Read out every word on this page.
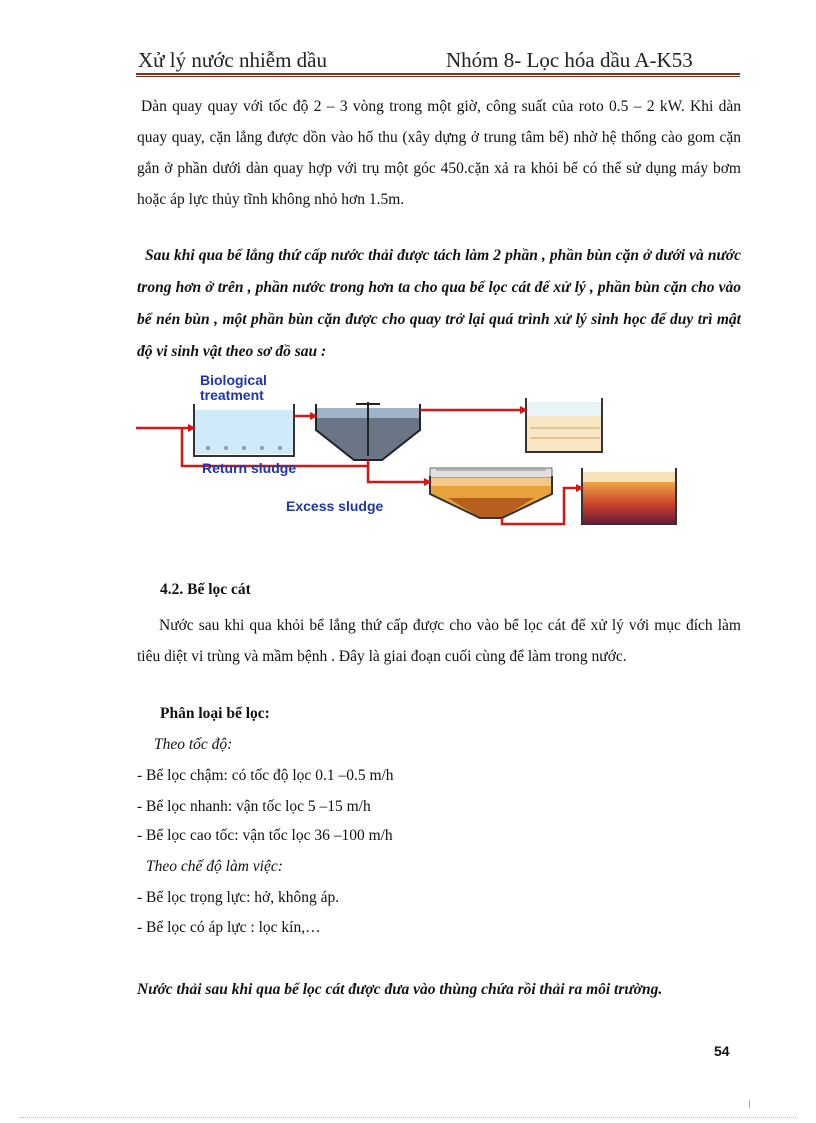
Xử lý nước nhiễm dầu	Nhóm 8- Lọc hóa dầu A-K53
Dàn quay quay với tốc độ 2 – 3 vòng trong một giờ, công suất của roto 0.5 – 2 kW. Khi dàn quay quay, cặn lắng được dồn vào hố thu (xây dựng ở trung tâm bể) nhờ hệ thống cào gom cặn gắn ở phần dưới dàn quay hợp với trụ một góc 450.cặn xả ra khỏi bể có thể sử dụng máy bơm hoặc áp lực thủy tĩnh không nhỏ hơn 1.5m.
Sau khi qua bể lắng thứ cấp nước thải được tách làm 2 phần , phần bùn cặn ở dưới và nước trong hơn ở trên , phần nước trong hơn ta cho qua bể lọc cát để xử lý , phần bùn cặn cho vào bể nén bùn , một phần bùn cặn được cho quay trở lại quá trình xử lý sinh học để duy trì mật độ vi sinh vật theo sơ đồ sau :
Biological
treatment
Return sludge
Excess sludge
4.2. Bể lọc cát
Nước sau khi qua khỏi bể lắng thứ cấp được cho vào bể lọc cát để xử lý với mục đích làm tiêu diệt vi trùng và mầm bệnh . Đây là giai đoạn cuối cùng để làm trong nước.
Phân loại bể lọc:
Theo tốc độ:
- Bể lọc chậm: có tốc độ lọc 0.1 –0.5 m/h
- Bể lọc nhanh: vận tốc lọc 5 –15 m/h
- Bể lọc cao tốc: vận tốc lọc 36 –100 m/h
Theo chế độ làm việc:
- Bể lọc trọng lực: hở, không áp.
- Bể lọc có áp lực : lọc kín,…
Nước thải sau khi qua bể lọc cát được đưa vào thùng chứa rồi thải ra môi trường.
54
